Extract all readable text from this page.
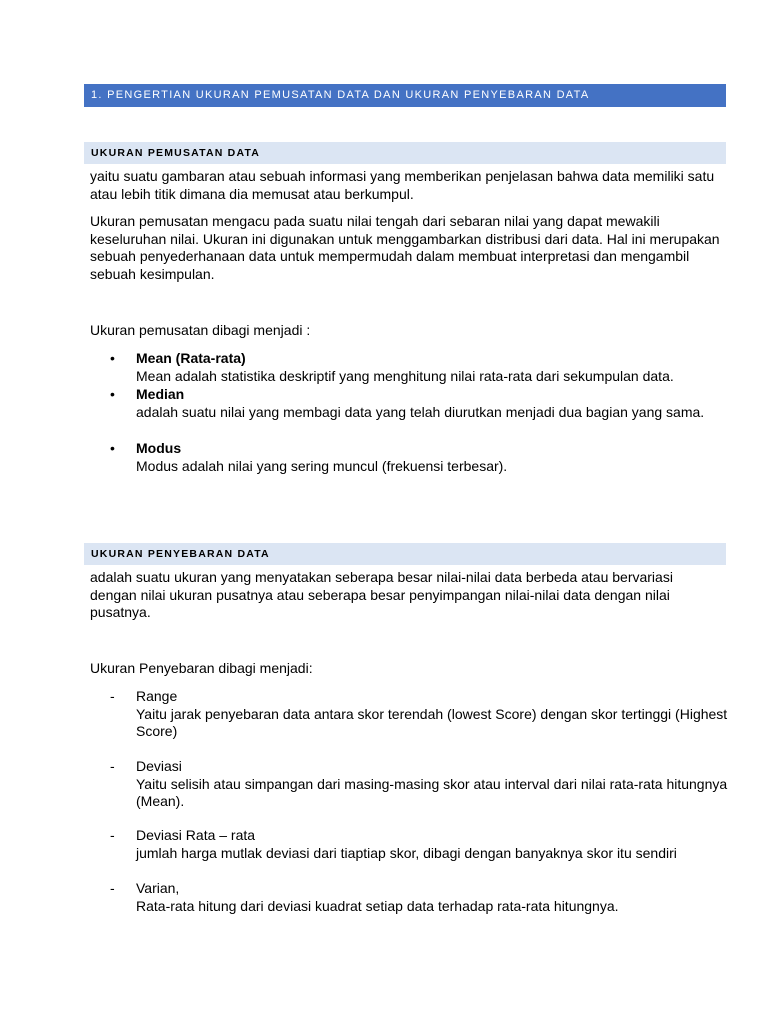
1. PENGERTIAN UKURAN PEMUSATAN DATA DAN UKURAN PENYEBARAN DATA
UKURAN PEMUSATAN DATA

yaitu suatu gambaran atau sebuah informasi yang memberikan penjelasan bahwa data memiliki satu atau lebih titik dimana dia memusat atau berkumpul.

Ukuran pemusatan mengacu pada suatu nilai tengah dari sebaran nilai yang dapat mewakili keseluruhan nilai. Ukuran ini digunakan untuk menggambarkan distribusi dari data. Hal ini merupakan sebuah penyederhanaan data untuk mempermudah dalam membuat interpretasi dan mengambil sebuah kesimpulan.

Ukuran pemusatan dibagi menjadi :

•	Mean (Rata-rata)
Mean adalah statistika deskriptif yang menghitung nilai rata-rata dari sekumpulan data.
•	Median
adalah suatu nilai yang membagi data yang telah diurutkan menjadi dua bagian yang sama.
•	Modus
Modus adalah nilai yang sering muncul (frekuensi terbesar).
UKURAN PENYEBARAN DATA

adalah suatu ukuran yang menyatakan seberapa besar nilai-nilai data berbeda atau bervariasi dengan nilai ukuran pusatnya atau seberapa besar penyimpangan nilai-nilai data dengan nilai pusatnya.

Ukuran Penyebaran dibagi menjadi:

-	Range
Yaitu jarak penyebaran data antara skor terendah (lowest Score) dengan skor tertinggi (Highest Score)
-	Deviasi
Yaitu selisih atau simpangan dari masing-masing skor atau interval dari nilai rata-rata hitungnya (Mean).
-	Deviasi Rata – rata
jumlah harga mutlak deviasi dari tiaptiap skor, dibagi dengan banyaknya skor itu sendiri
-	Varian,
Rata-rata hitung dari deviasi kuadrat setiap data terhadap rata-rata hitungnya.
